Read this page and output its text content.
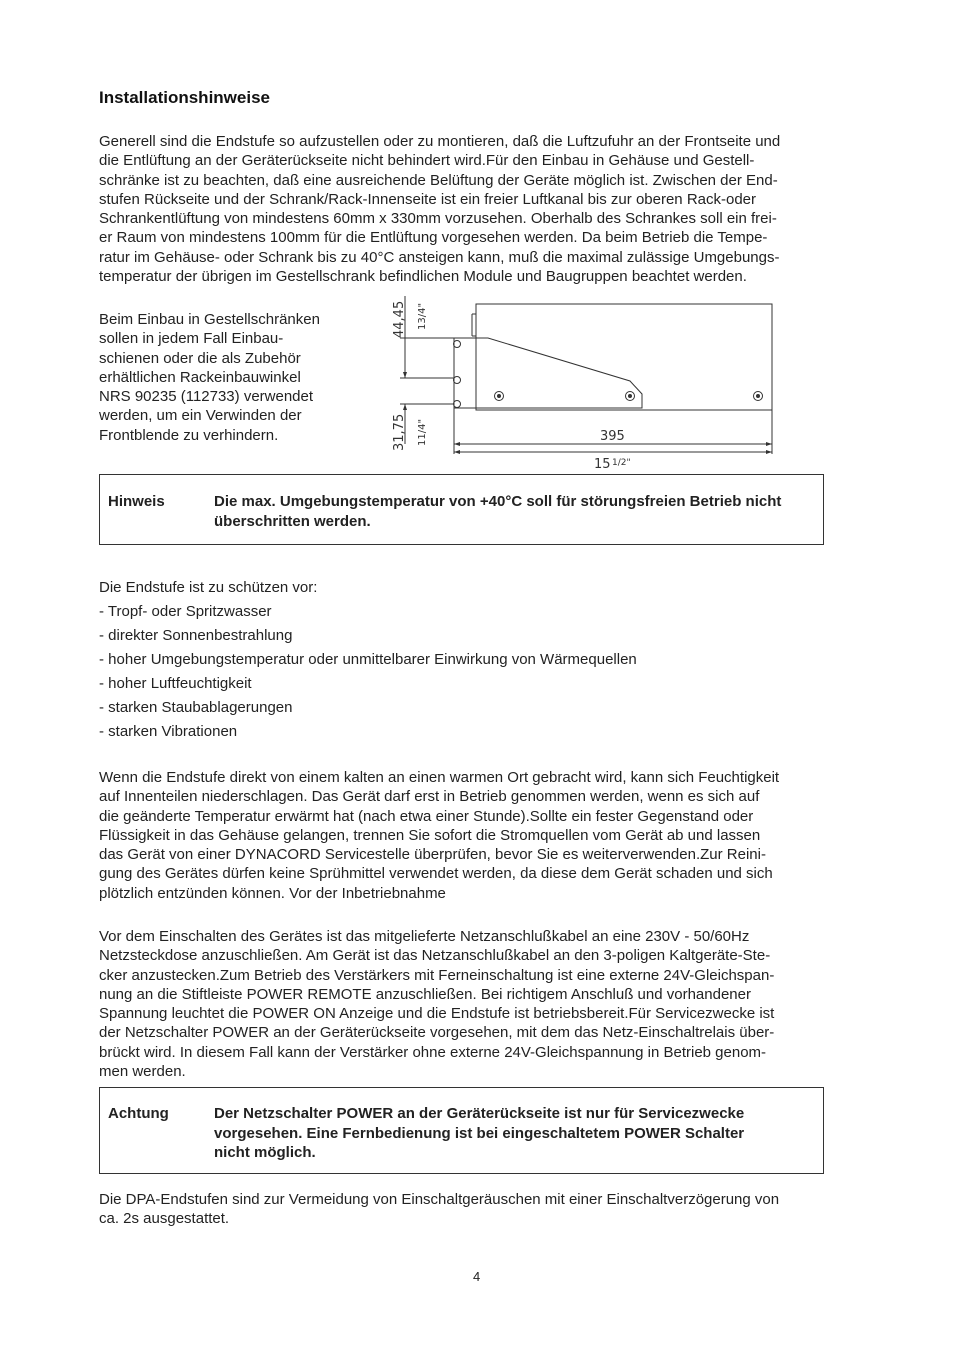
Installationshinweise
Generell sind die Endstufe so aufzustellen oder zu montieren, daß die Luftzufuhr an der Frontseite und
die Entlüftung an der Geräterückseite nicht behindert wird.Für den Einbau in Gehäuse und Gestell-
schränke ist zu beachten, daß eine ausreichende Belüftung der Geräte möglich ist. Zwischen der End-
stufen Rückseite und der Schrank/Rack-Innenseite ist ein freier Luftkanal bis zur oberen Rack-oder
Schrankentlüftung von mindestens 60mm x 330mm vorzusehen. Oberhalb des Schrankes soll ein frei-
er Raum von mindestens 100mm für die Entlüftung vorgesehen werden. Da beim Betrieb die Tempe-
ratur im Gehäuse- oder Schrank bis zu 40°C ansteigen kann, muß die maximal zulässige Umgebungs-
temperatur der übrigen im Gestellschrank befindlichen Module und Baugruppen beachtet werden.
Beim Einbau in Gestellschränken
sollen in jedem Fall Einbau-
schienen oder die als Zubehör
erhältlichen Rackeinbauwinkel
NRS 90235 (112733) verwendet
werden, um ein Verwinden der
Frontblende zu verhindern.
44,45 13/4"
31,75 11/4"	395
15 1/2"
Hinweis	Die max. Umgebungstemperatur von +40°C soll für störungsfreien Betrieb nicht
überschritten werden.
Die Endstufe ist zu schützen vor:
- Tropf- oder Spritzwasser
- direkter Sonnenbestrahlung
- hoher Umgebungstemperatur oder unmittelbarer Einwirkung von Wärmequellen
- hoher Luftfeuchtigkeit
- starken Staubablagerungen
- starken Vibrationen
Wenn die Endstufe direkt von einem kalten an einen warmen Ort gebracht wird, kann sich Feuchtigkeit
auf Innenteilen niederschlagen. Das Gerät darf erst in Betrieb genommen werden, wenn es sich auf
die geänderte Temperatur erwärmt hat (nach etwa einer Stunde).Sollte ein fester Gegenstand oder
Flüssigkeit in das Gehäuse gelangen, trennen Sie sofort die Stromquellen vom Gerät ab und lassen
das Gerät von einer DYNACORD Servicestelle überprüfen, bevor Sie es weiterverwenden.Zur Reini-
gung des Gerätes dürfen keine Sprühmittel verwendet werden, da diese dem Gerät schaden und sich
plötzlich entzünden können. Vor der Inbetriebnahme
Vor dem Einschalten des Gerätes ist das mitgelieferte Netzanschlußkabel an eine 230V - 50/60Hz
Netzsteckdose anzuschließen. Am Gerät ist das Netzanschlußkabel an den 3-poligen Kaltgeräte-Ste-
cker anzustecken.Zum Betrieb des Verstärkers mit Ferneinschaltung ist eine externe 24V-Gleichspan-
nung an die Stiftleiste POWER REMOTE anzuschließen. Bei richtigem Anschluß und vorhandener
Spannung leuchtet die POWER ON Anzeige und die Endstufe ist betriebsbereit.Für Servicezwecke ist
der Netzschalter POWER an der Geräterückseite vorgesehen, mit dem das Netz-Einschaltrelais über-
brückt wird. In diesem Fall kann der Verstärker ohne externe 24V-Gleichspannung in Betrieb genom-
men werden.
Achtung	Der Netzschalter POWER an der Geräterückseite ist nur für Servicezwecke
vorgesehen. Eine Fernbedienung ist bei eingeschaltetem POWER Schalter
nicht möglich.
Die DPA-Endstufen sind zur Vermeidung von Einschaltgeräuschen mit einer Einschaltverzögerung von
ca. 2s ausgestattet.
4
